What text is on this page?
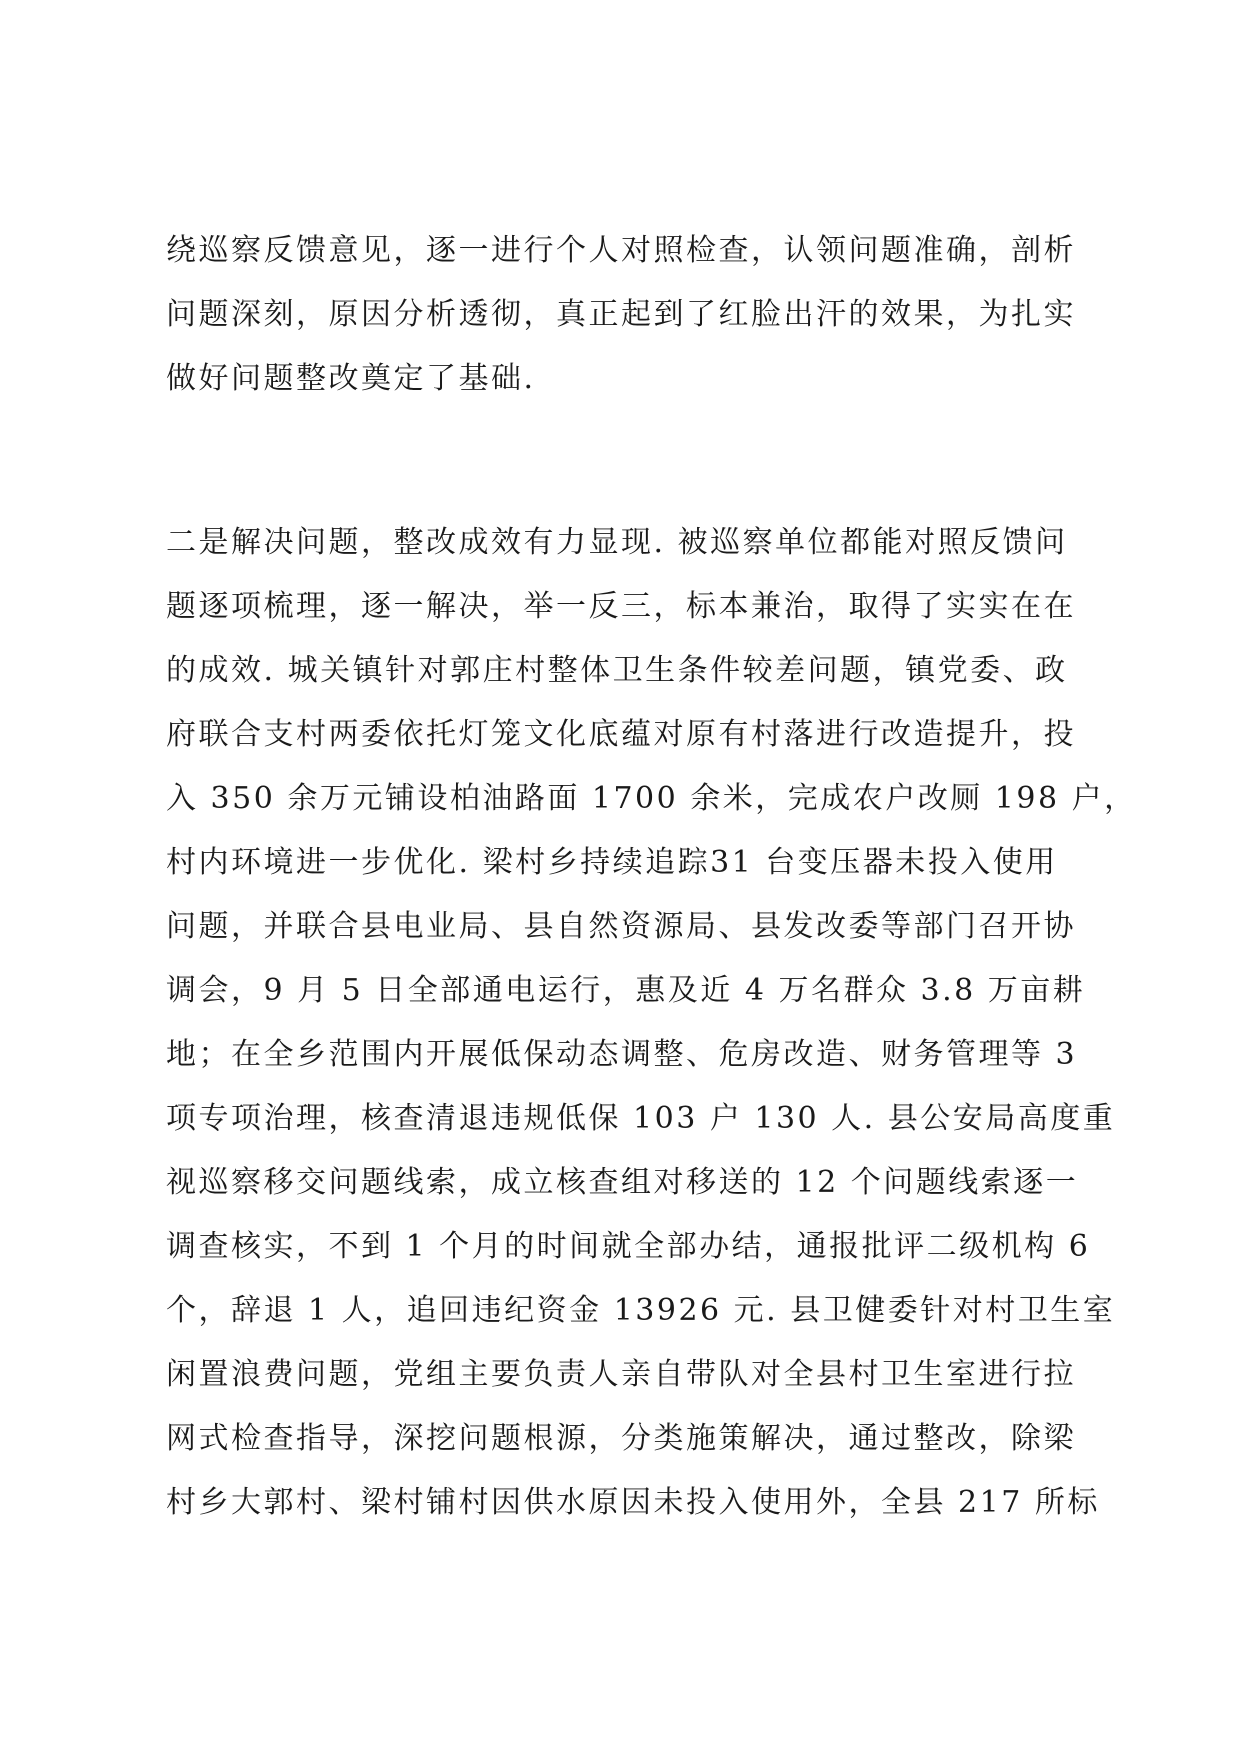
绕巡察反馈意见，逐一进行个人对照检查，认领问题准确，剖析
问题深刻，原因分析透彻，真正起到了红脸出汗的效果，为扎实
做好问题整改奠定了基础.
二是解决问题，整改成效有力显现. 被巡察单位都能对照反馈问
题逐项梳理，逐一解决，举一反三，标本兼治，取得了实实在在
的成效. 城关镇针对郭庄村整体卫生条件较差问题，镇党委、政
府联合支村两委依托灯笼文化底蕴对原有村落进行改造提升，投
入 350 余万元铺设柏油路面 1700 余米，完成农户改厕 198 户，
村内环境进一步优化. 梁村乡持续追踪31 台变压器未投入使用
问题，并联合县电业局、县自然资源局、县发改委等部门召开协
调会，9 月 5 日全部通电运行，惠及近 4 万名群众 3.8 万亩耕
地；在全乡范围内开展低保动态调整、危房改造、财务管理等 3
项专项治理，核查清退违规低保 103 户 130 人. 县公安局高度重
视巡察移交问题线索，成立核查组对移送的 12 个问题线索逐一
调查核实，不到 1 个月的时间就全部办结，通报批评二级机构 6
个，辞退 1 人，追回违纪资金 13926 元. 县卫健委针对村卫生室
闲置浪费问题，党组主要负责人亲自带队对全县村卫生室进行拉
网式检查指导，深挖问题根源，分类施策解决，通过整改，除梁
村乡大郭村、梁村铺村因供水原因未投入使用外，全县 217 所标
